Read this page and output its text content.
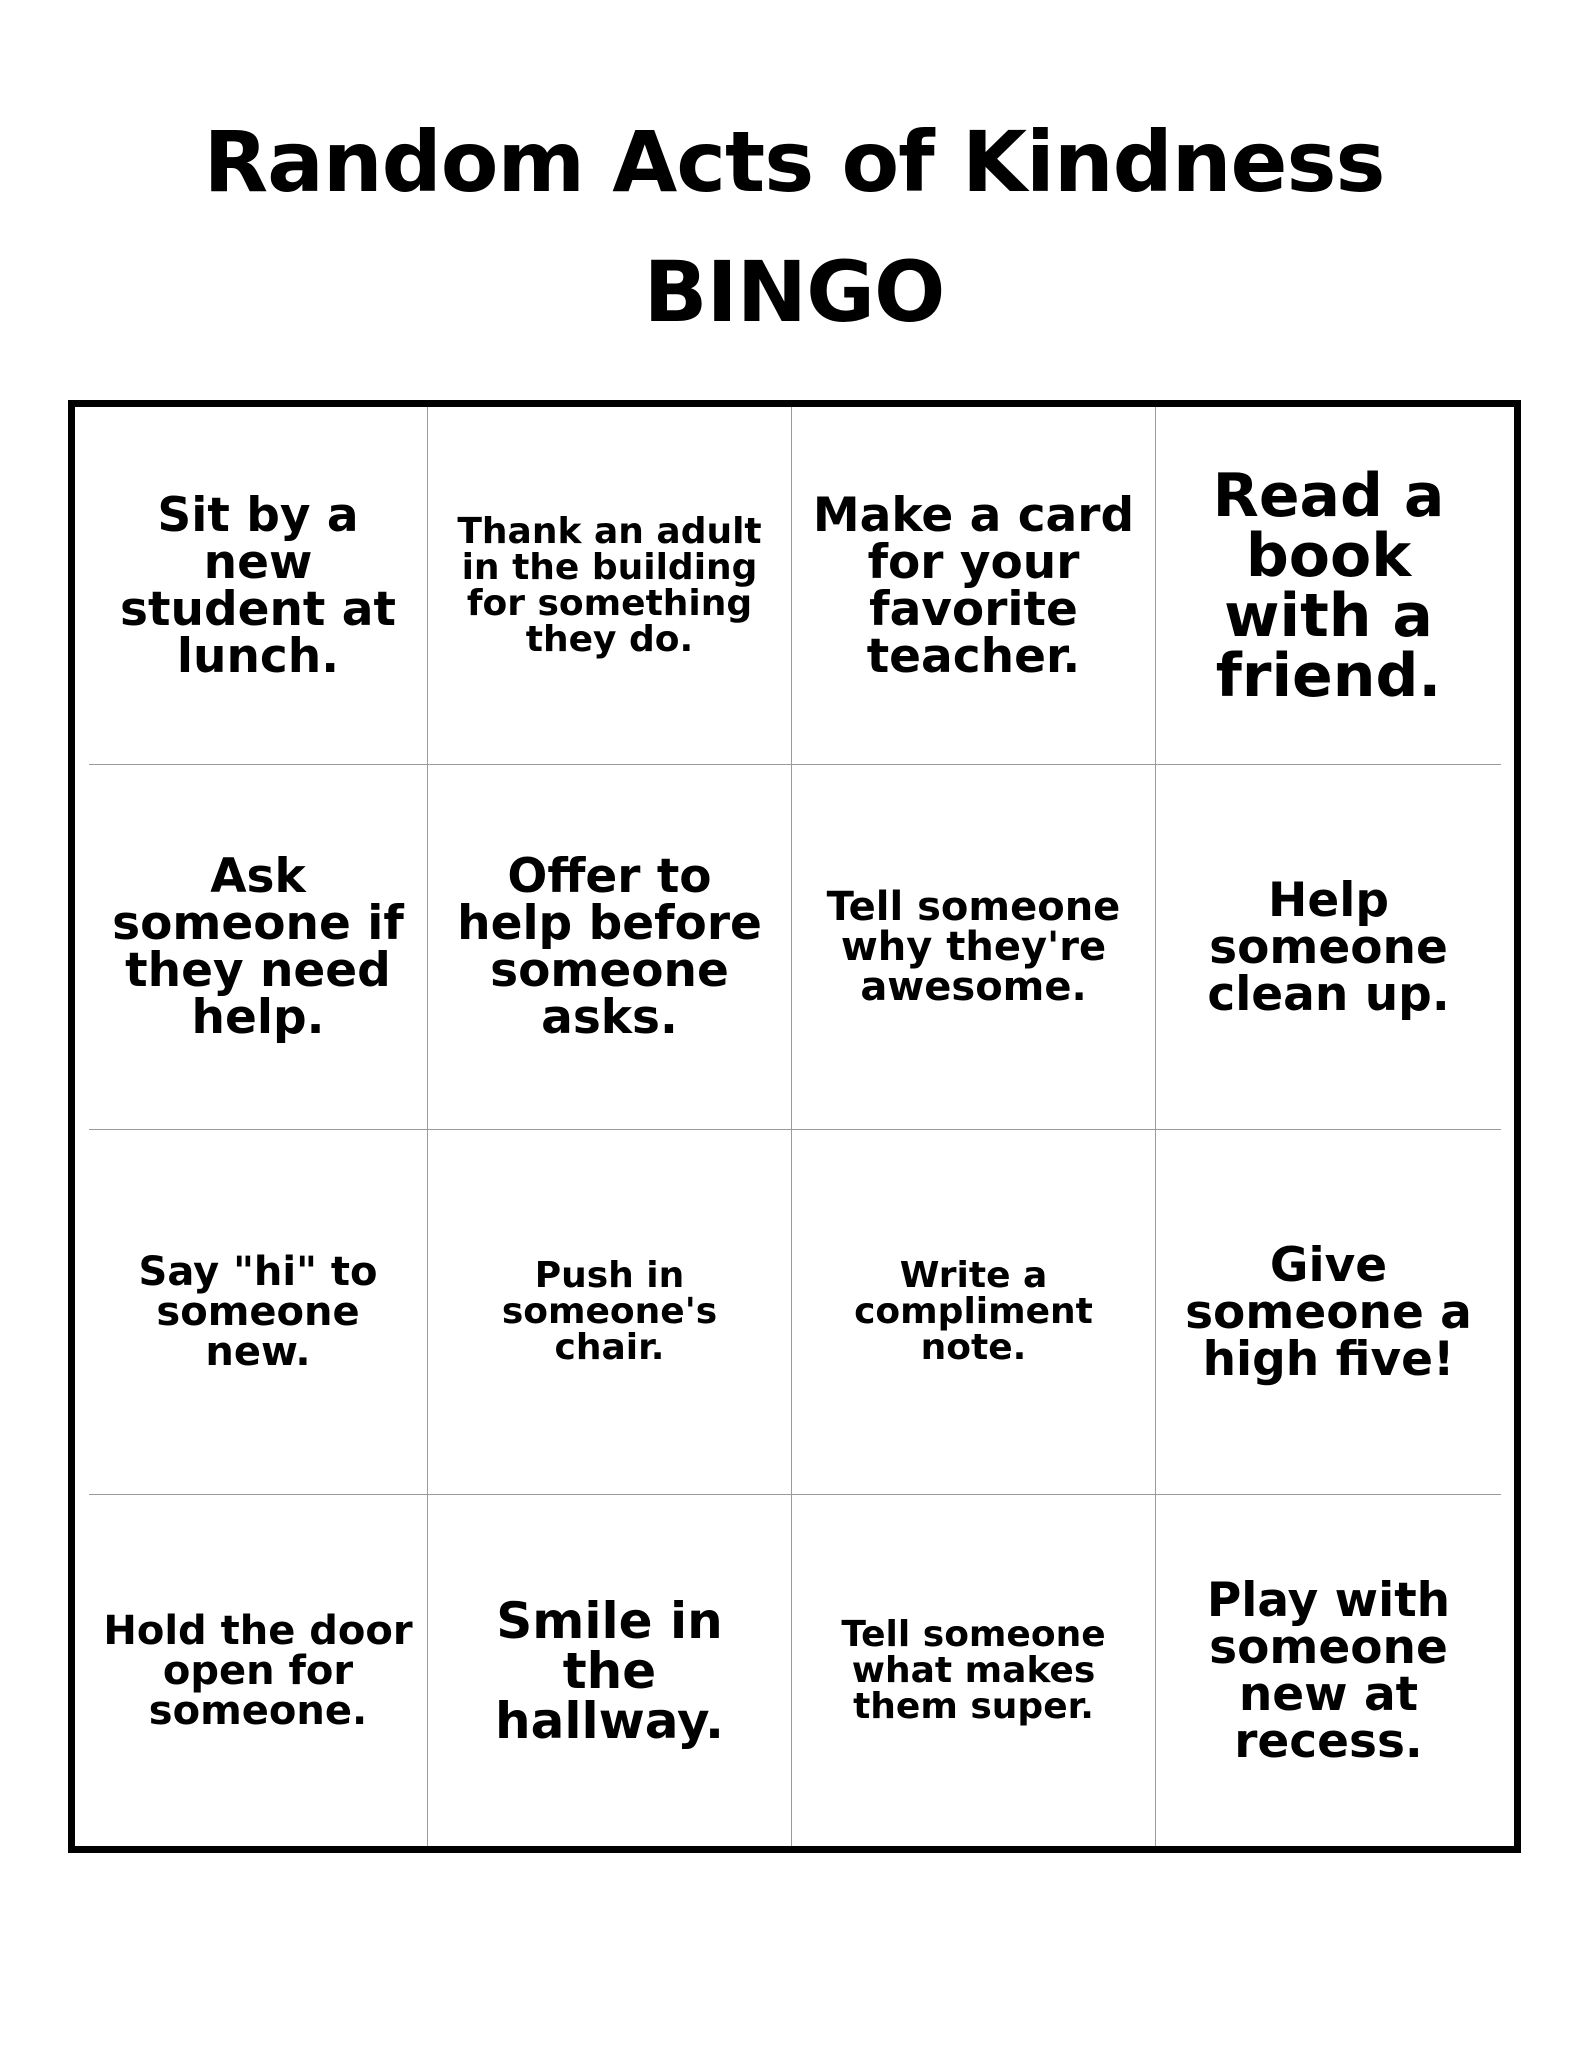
Random Acts of Kindness
BINGO
Sit by a new student at lunch.
Thank an adult in the building for something they do.
Make a card for your favorite teacher.
Read a book with a friend.
Ask someone if they need help.
Offer to help before someone asks.
Tell someone why they're awesome.
Help someone clean up.
Say "hi" to someone new.
Push in someone's chair.
Write a compliment note.
Give someone a high five!
Hold the door open for someone.
Smile in the hallway.
Tell someone what makes them super.
Play with someone new at recess.
